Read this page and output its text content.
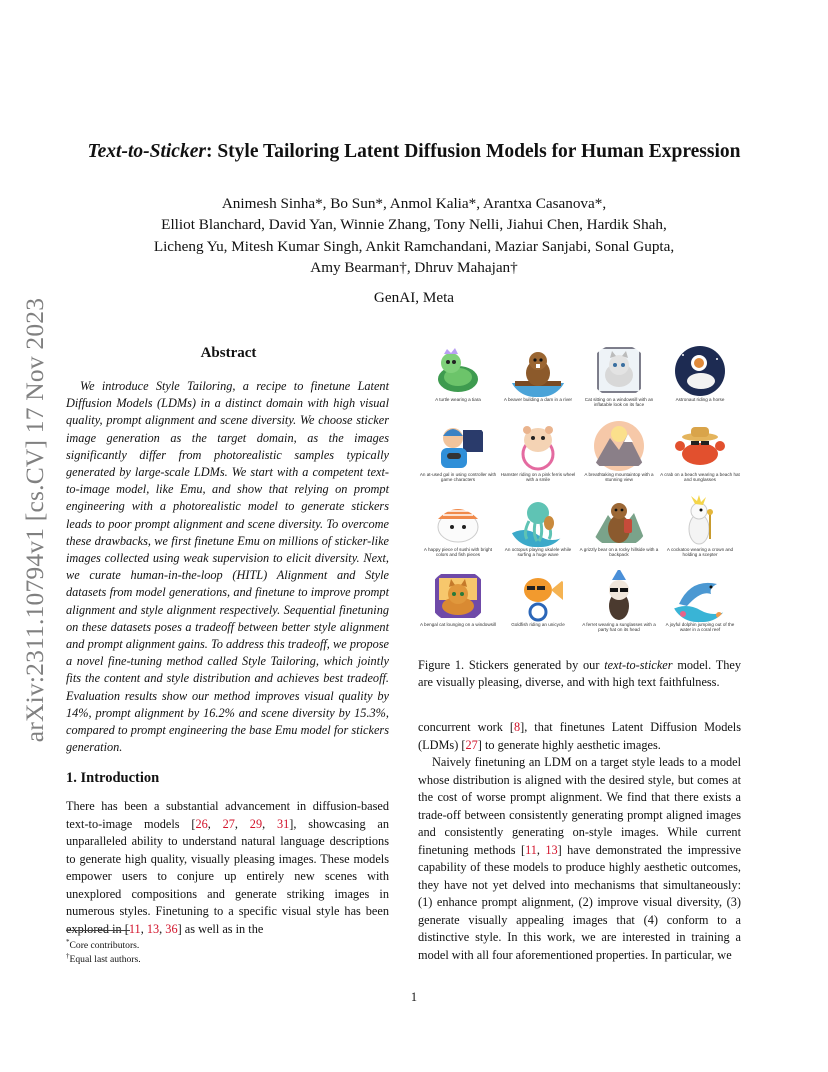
arXiv:2311.10794v1 [cs.CV] 17 Nov 2023
Text-to-Sticker: Style Tailoring Latent Diffusion Models for Human Expression
Animesh Sinha*, Bo Sun*, Anmol Kalia*, Arantxa Casanova*,
Elliot Blanchard, David Yan, Winnie Zhang, Tony Nelli, Jiahui Chen, Hardik Shah,
Licheng Yu, Mitesh Kumar Singh, Ankit Ramchandani, Maziar Sanjabi, Sonal Gupta,
Amy Bearman†, Dhruv Mahajan†
GenAI, Meta
Abstract
We introduce Style Tailoring, a recipe to finetune Latent Diffusion Models (LDMs) in a distinct domain with high visual quality, prompt alignment and scene diversity. We choose sticker image generation as the target domain, as the images significantly differ from photorealistic samples typically generated by large-scale LDMs. We start with a competent text-to-image model, like Emu, and show that relying on prompt engineering with a photorealistic model to generate stickers leads to poor prompt alignment and scene diversity. To overcome these drawbacks, we first finetune Emu on millions of sticker-like images collected using weak supervision to elicit diversity. Next, we curate human-in-the-loop (HITL) Alignment and Style datasets from model generations, and finetune to improve prompt alignment and style alignment respectively. Sequential finetuning on these datasets poses a tradeoff between better style alignment and prompt alignment gains. To address this tradeoff, we propose a novel fine-tuning method called Style Tailoring, which jointly fits the content and style distribution and achieves best tradeoff. Evaluation results show our method improves visual quality by 14%, prompt alignment by 16.2% and scene diversity by 15.3%, compared to prompt engineering the base Emu model for stickers generation.
1. Introduction
There has been a substantial advancement in diffusion-based text-to-image models [26, 27, 29, 31], showcasing an unparalleled ability to understand natural language descriptions to generate high quality, visually pleasing images. These models empower users to conjure up entirely new scenes with unexplored compositions and generate striking images in numerous styles. Finetuning to a specific visual style has been explored in [11, 13, 36] as well as in the
*Core contributors.
†Equal last authors.
A turtle wearing a tiara	A beaver building a dam in a river	Cat sitting on a windowsill with an inflatable look on its face
Astronaut riding a horse
An at-used gal in using controller with game characters
Hamster riding on a pink ferris wheel with a smile
A breathtaking mountaintop with a stunning view
A crab on a beach wearing a beach hat and sunglasses
A happy piece of sushi with bright colors and fish pieces
An octopus playing ukulele while surfing a huge wave
A grizzly bear on a rocky hillside with a backpack
A cockatoo wearing a crown and holding a scepter
A bengal cat lounging on a windowsill	Goldfish riding an unicycle	A ferret wearing a sunglasses with a party hat on its head
A joyful dolphin jumping out of the water in a coral reef
Figure 1. Stickers generated by our text-to-sticker model. They are visually pleasing, diverse, and with high text faithfulness.

concurrent work [8], that finetunes Latent Diffusion Models (LDMs) [27] to generate highly aesthetic images.

Naively finetuning an LDM on a target style leads to a model whose distribution is aligned with the desired style, but comes at the cost of worse prompt alignment. We find that there exists a trade-off between consistently generating prompt aligned images and consistently generating on-style images. While current finetuning methods [11, 13] have demonstrated the impressive capability of these models to produce highly aesthetic outcomes, they have not yet delved into mechanisms that simultaneously: (1) enhance prompt alignment, (2) improve visual diversity, (3) generate visually appealing images that (4) conform to a distinctive style. In this work, we are interested in training a model with all four aforementioned properties. In particular, we

1
